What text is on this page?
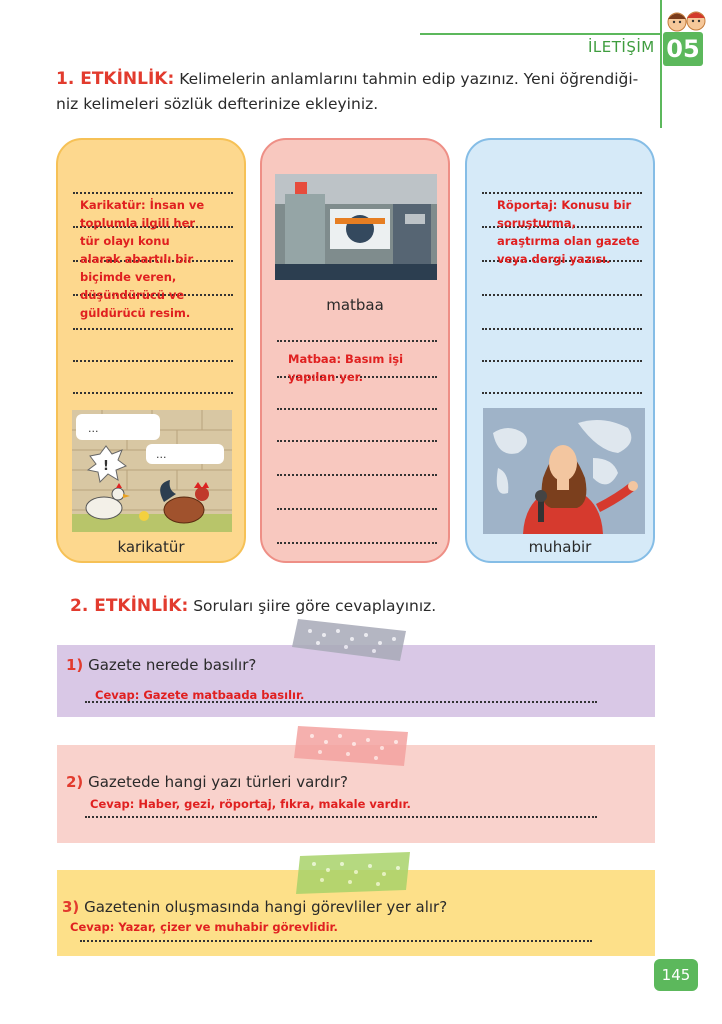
İLETİŞİM 05
1. ETKİNLİK: Kelimelerin anlamlarını tahmin edip yazınız. Yeni öğrendiği-
niz kelimeleri sözlük defterinize ekleyiniz.
Karikatür: İnsan ve
toplumla ilgili her
tür olayı konu
alarak abartılı bir
biçimde veren,
düşündürücü ve
güldürücü resim.
...
...
!
karikatür
matbaa
Matbaa: Basım işi
yapılan yer.
Röportaj: Konusu bir
soruşturma,
araştırma olan gazete
veya dergi yazısı.
muhabir
2. ETKİNLİK: Soruları şiire göre cevaplayınız.
1) Gazete nerede basılır?
Cevap: Gazete matbaada basılır.
2) Gazetede hangi yazı türleri vardır?
Cevap: Haber, gezi, röportaj, fıkra, makale vardır.
3) Gazetenin oluşmasında hangi görevliler yer alır?
Cevap: Yazar, çizer ve muhabir görevlidir.
145
